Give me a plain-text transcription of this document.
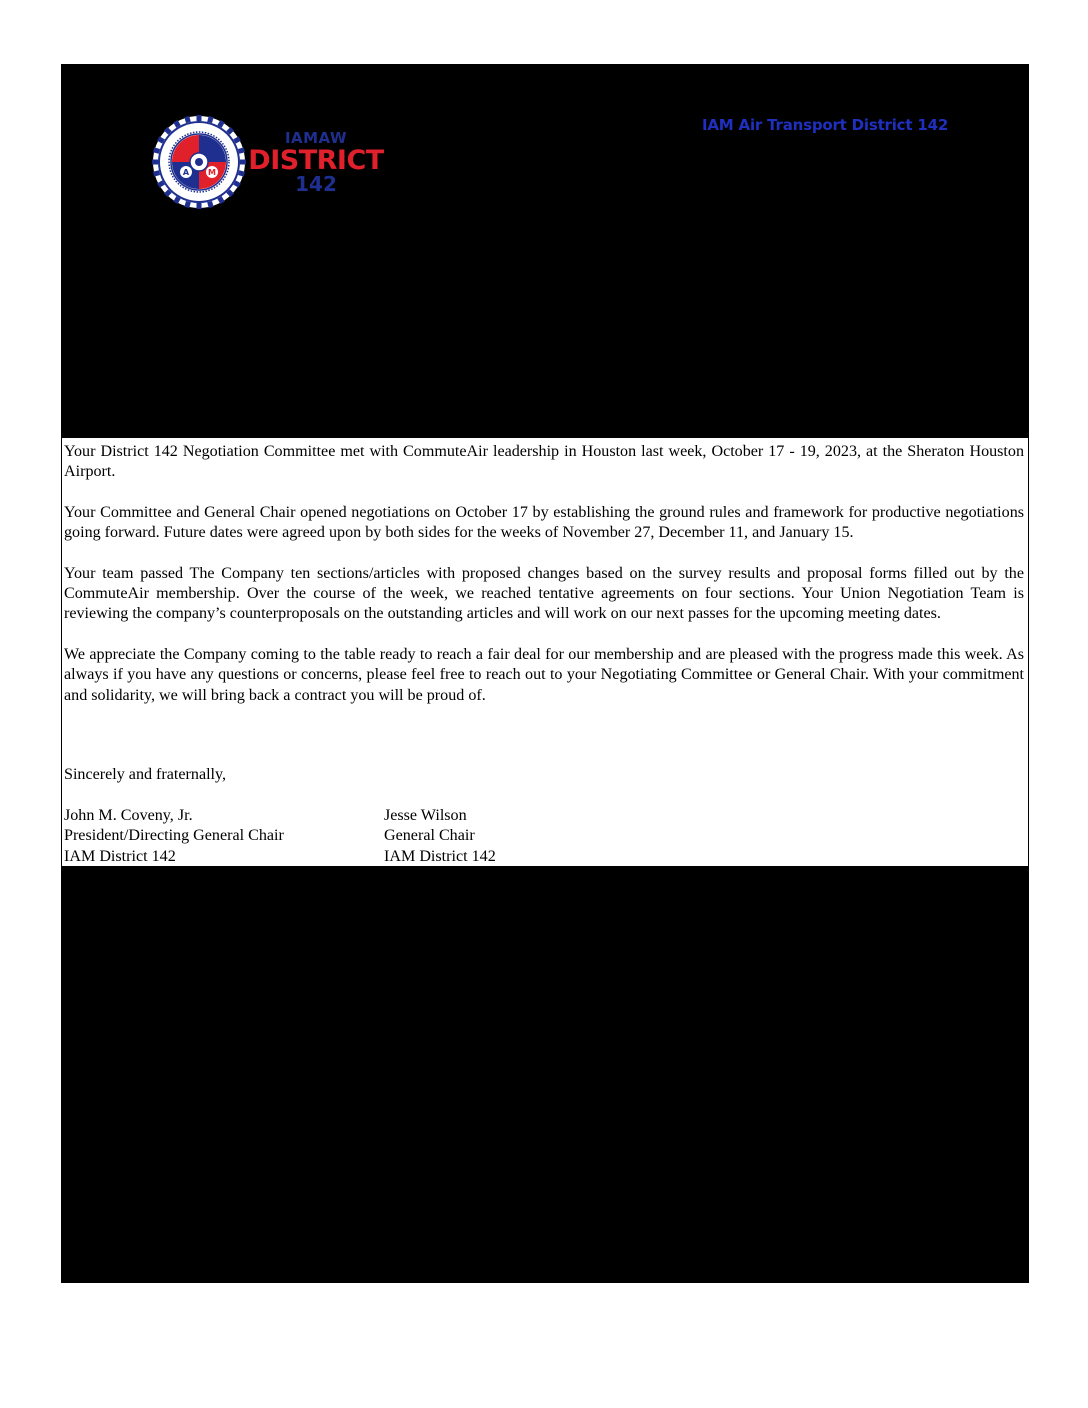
A M
IAMAW
DISTRICT
142
IAM Air Transport District 142

Your District 142 Negotiation Committee met with CommuteAir leadership in Houston last week, October 17 - 19, 2023, at the Sheraton Houston Airport.

Your Committee and General Chair opened negotiations on October 17 by establishing the ground rules and framework for productive negotiations going forward. Future dates were agreed upon by both sides for the weeks of November 27, December 11, and January 15.

Your team passed The Company ten sections/articles with proposed changes based on the survey results and proposal forms filled out by the CommuteAir membership. Over the course of the week, we reached tentative agreements on four sections. Your Union Negotiation Team is reviewing the company’s counterproposals on the outstanding articles and will work on our next passes for the upcoming meeting dates.

We appreciate the Company coming to the table ready to reach a fair deal for our membership and are pleased with the progress made this week. As always if you have any questions or concerns, please feel free to reach out to your Negotiating Committee or General Chair. With your commitment and solidarity, we will bring back a contract you will be proud of.

Sincerely and fraternally,
John M. Coveny, Jr.
President/Directing General Chair
IAM District 142
Jesse Wilson
General Chair
IAM District 142
